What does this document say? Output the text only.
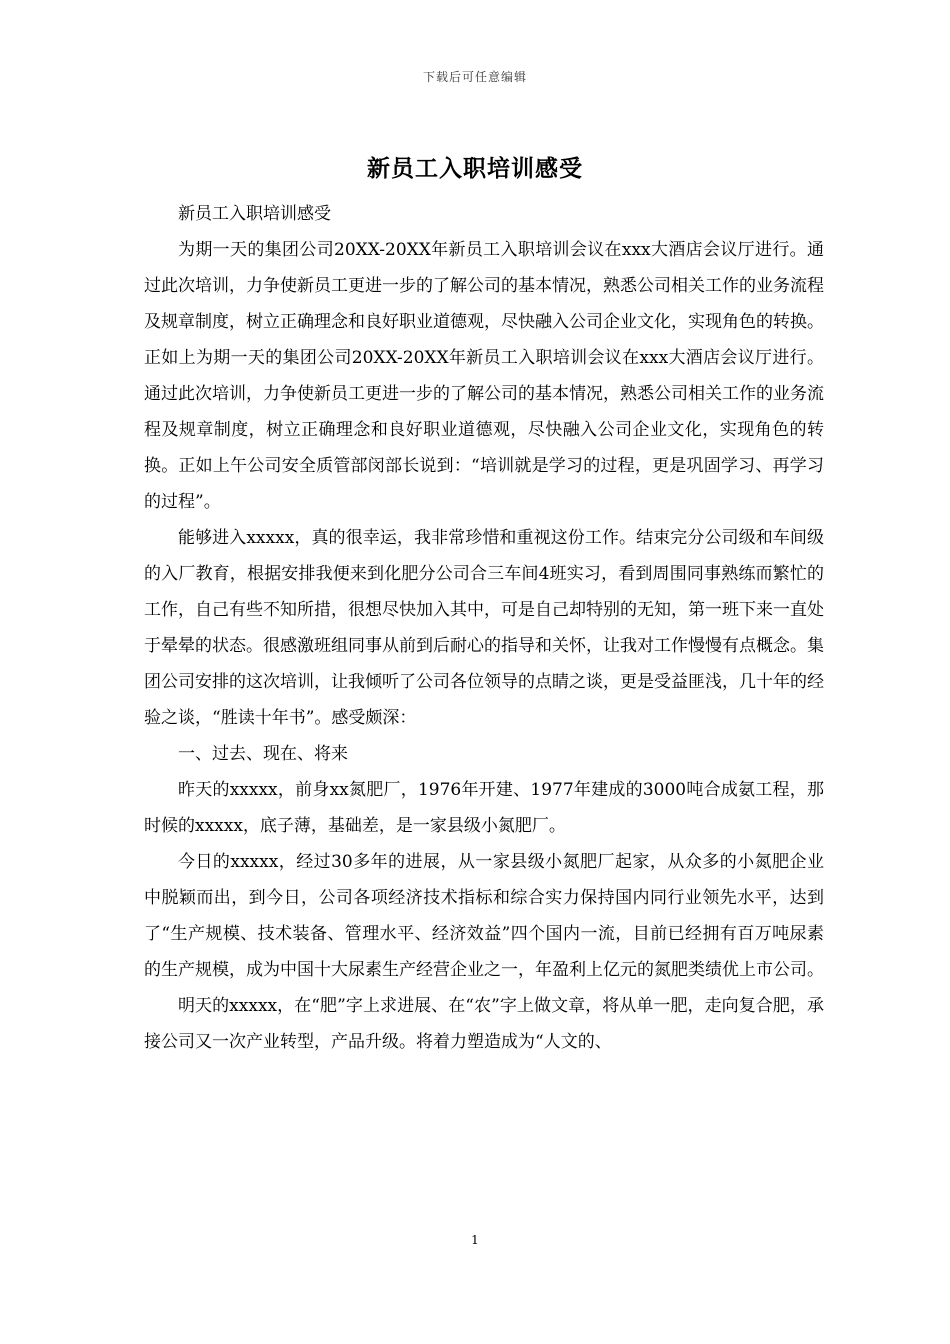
下载后可任意编辑
新员工入职培训感受

新员工入职培训感受

为期一天的集团公司20XX-20XX年新员工入职培训会议在xxx大酒店会议厅进行。通过此次培训，力争使新员工更进一步的了解公司的基本情况，熟悉公司相关工作的业务流程及规章制度，树立正确理念和良好职业道德观，尽快融入公司企业文化，实现角色的转换。正如上为期一天的集团公司20XX-20XX年新员工入职培训会议在xxx大酒店会议厅进行。通过此次培训，力争使新员工更进一步的了解公司的基本情况，熟悉公司相关工作的业务流程及规章制度，树立正确理念和良好职业道德观，尽快融入公司企业文化，实现角色的转换。正如上午公司安全质管部闵部长说到：“培训就是学习的过程，更是巩固学习、再学习的过程”。

能够进入xxxxx，真的很幸运，我非常珍惜和重视这份工作。结束完分公司级和车间级的入厂教育，根据安排我便来到化肥分公司合三车间4班实习，看到周围同事熟练而繁忙的工作，自己有些不知所措，很想尽快加入其中，可是自己却特别的无知，第一班下来一直处于晕晕的状态。很感激班组同事从前到后耐心的指导和关怀，让我对工作慢慢有点概念。集团公司安排的这次培训，让我倾听了公司各位领导的点睛之谈，更是受益匪浅，几十年的经验之谈，“胜读十年书”。感受颇深：

一、过去、现在、将来

昨天的xxxxx，前身xx氮肥厂，1976年开建、1977年建成的3000吨合成氨工程，那时候的xxxxx，底子薄，基础差，是一家县级小氮肥厂。

今日的xxxxx，经过30多年的进展，从一家县级小氮肥厂起家，从众多的小氮肥企业中脱颖而出，到今日，公司各项经济技术指标和综合实力保持国内同行业领先水平，达到了“生产规模、技术装备、管理水平、经济效益”四个国内一流，目前已经拥有百万吨尿素的生产规模，成为中国十大尿素生产经营企业之一，年盈利上亿元的氮肥类绩优上市公司。

明天的xxxxx，在“肥”字上求进展、在“农”字上做文章，将从单一肥，走向复合肥，承接公司又一次产业转型，产品升级。将着力塑造成为“人文的、

1
